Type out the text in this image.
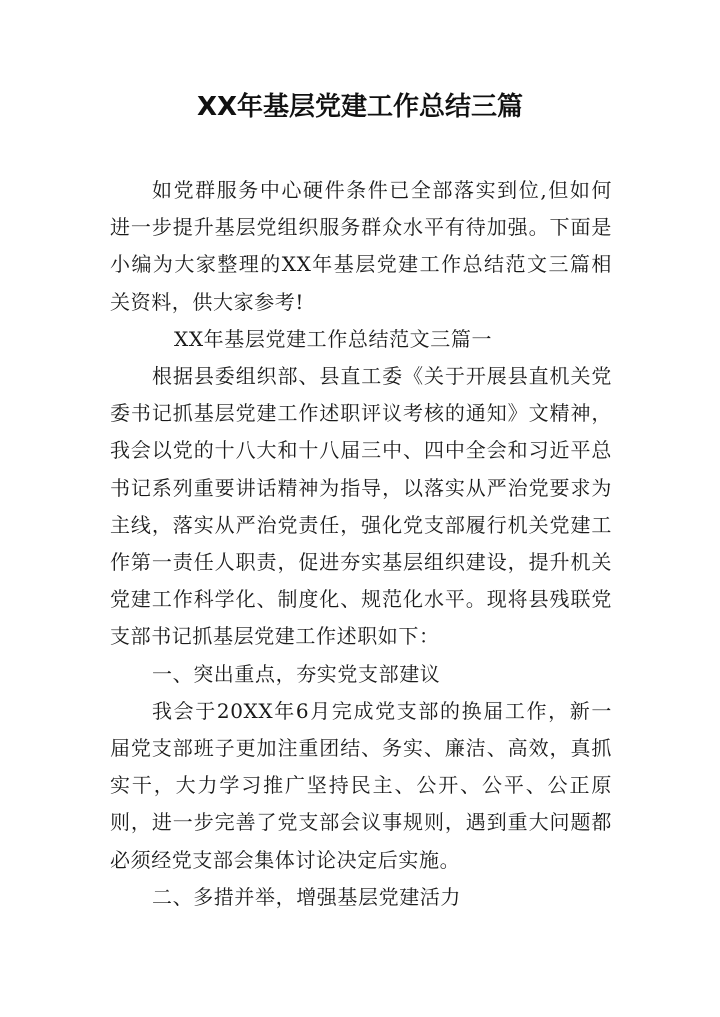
XX年基层党建工作总结三篇

如党群服务中心硬件条件已全部落实到位,但如何进一步提升基层党组织服务群众水平有待加强。下面是小编为大家整理的XX年基层党建工作总结范文三篇相关资料，供大家参考!

XX年基层党建工作总结范文三篇一

根据县委组织部、县直工委《关于开展县直机关党委书记抓基层党建工作述职评议考核的通知》文精神，我会以党的十八大和十八届三中、四中全会和习近平总书记系列重要讲话精神为指导，以落实从严治党要求为主线，落实从严治党责任，强化党支部履行机关党建工作第一责任人职责，促进夯实基层组织建设，提升机关党建工作科学化、制度化、规范化水平。现将县残联党支部书记抓基层党建工作述职如下：

一、突出重点，夯实党支部建议

我会于20XX年6月完成党支部的换届工作，新一届党支部班子更加注重团结、务实、廉洁、高效，真抓实干，大力学习推广坚持民主、公开、公平、公正原则，进一步完善了党支部会议事规则，遇到重大问题都必须经党支部会集体讨论决定后实施。

二、多措并举，增强基层党建活力
